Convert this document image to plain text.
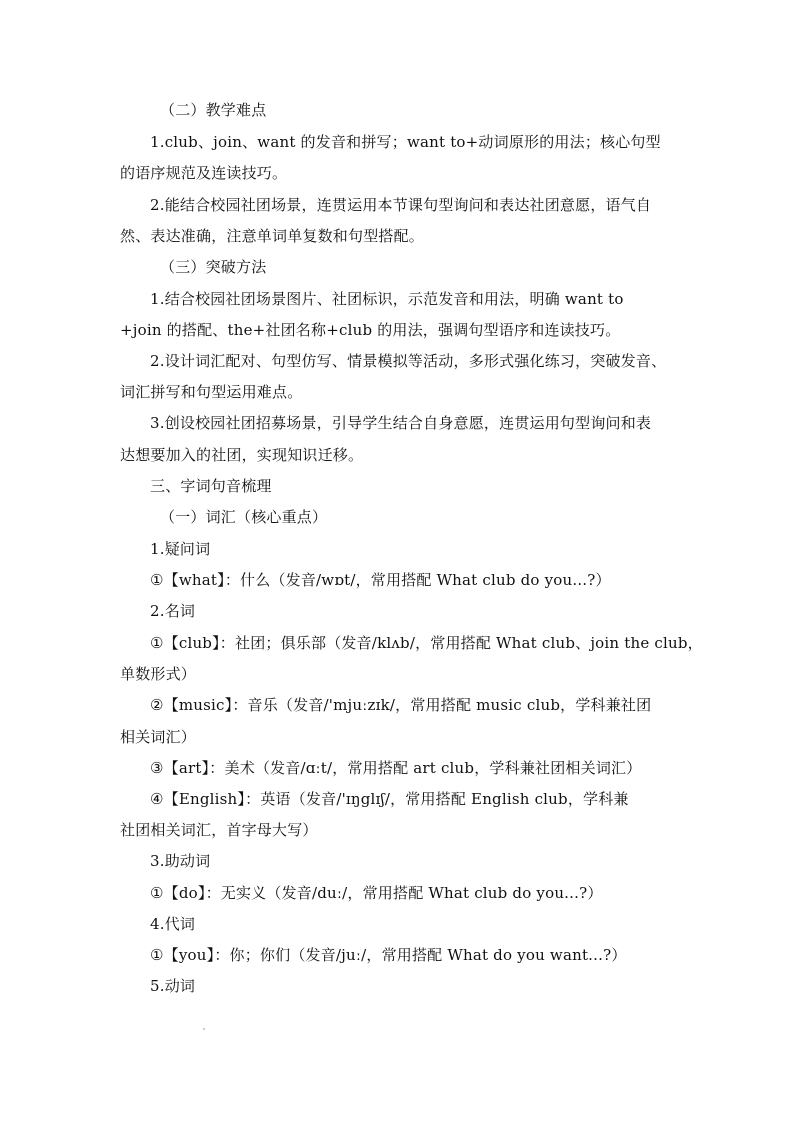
（二）教学难点
1.club、join、want 的发音和拼写；want to+动词原形的用法；核心句型
的语序规范及连读技巧。
2.能结合校园社团场景，连贯运用本节课句型询问和表达社团意愿，语气自
然、表达准确，注意单词单复数和句型搭配。
（三）突破方法
1.结合校园社团场景图片、社团标识，示范发音和用法，明确 want to
+join 的搭配、the+社团名称+club 的用法，强调句型语序和连读技巧。
2.设计词汇配对、句型仿写、情景模拟等活动，多形式强化练习，突破发音、
词汇拼写和句型运用难点。
3.创设校园社团招募场景，引导学生结合自身意愿，连贯运用句型询问和表
达想要加入的社团，实现知识迁移。
三、字词句音梳理
（一）词汇（核心重点）
1.疑问词
①【what】：什么（发音/wɒt/，常用搭配 What club do you...?）
2.名词
①【club】：社团；俱乐部（发音/klʌb/，常用搭配 What club、join the club，
单数形式）
②【music】：音乐（发音/'mjuːzɪk/，常用搭配 music club，学科兼社团
相关词汇）
③【art】：美术（发音/ɑːt/，常用搭配 art club，学科兼社团相关词汇）
④【English】：英语（发音/'ɪŋglɪʃ/，常用搭配 English club，学科兼
社团相关词汇，首字母大写）
3.助动词
①【do】：无实义（发音/duː/，常用搭配 What club do you...?）
4.代词
①【you】：你；你们（发音/juː/，常用搭配 What do you want...?）
5.动词
